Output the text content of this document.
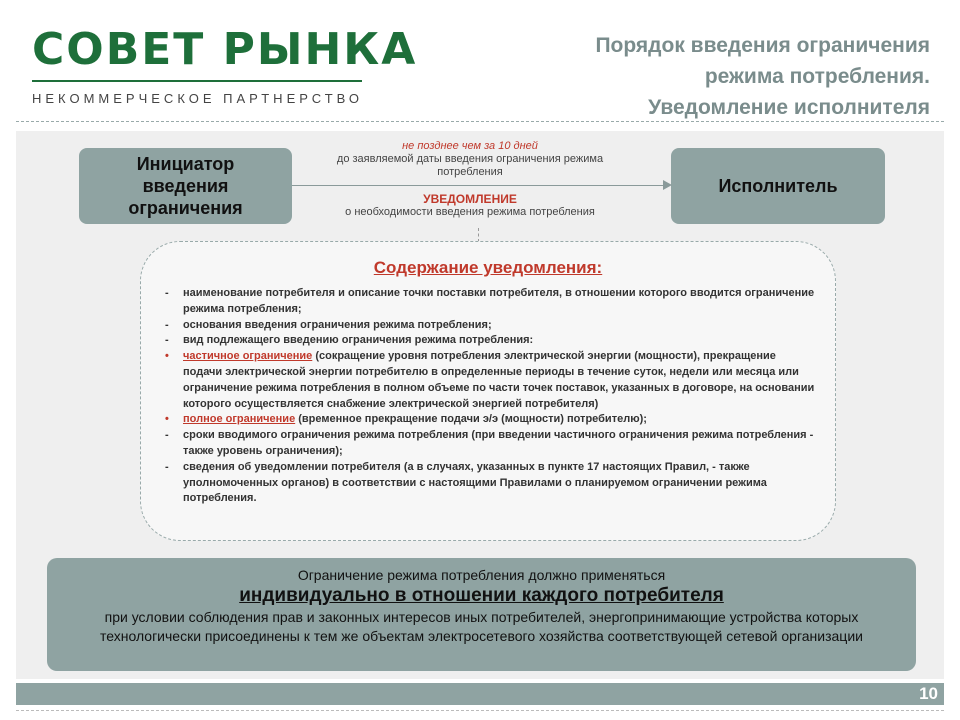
СОВЕТ РЫНКА
НЕКОММЕРЧЕСКОЕ ПАРТНЕРСТВО
Порядок введения ограничения
режима потребления.
Уведомление исполнителя
Инициатор введения ограничения
Исполнитель
не позднее чем за 10 дней
до заявляемой даты введения ограничения режима потребления
УВЕДОМЛЕНИЕ
о необходимости введения режима потребления
Содержание уведомления:
- наименование потребителя и описание точки поставки потребителя, в отношении которого вводится ограничение режима потребления;
- основания введения ограничения режима потребления;
- вид подлежащего введению ограничения режима потребления:
• частичное ограничение (сокращение уровня потребления электрической энергии (мощности), прекращение подачи электрической энергии потребителю в определенные периоды в течение суток, недели или месяца или ограничение режима потребления в полном объеме по части точек поставок, указанных в договоре, на основании которого осуществляется снабжение электрической энергией потребителя)
• полное ограничение (временное прекращение подачи э/э (мощности) потребителю);
- сроки вводимого ограничения режима потребления (при введении частичного ограничения режима потребления - также уровень ограничения);
- сведения об уведомлении потребителя (а в случаях, указанных в пункте 17 настоящих Правил, - также уполномоченных органов) в соответствии с настоящими Правилами о планируемом ограничении режима потребления.
Ограничение режима потребления должно применяться
индивидуально в отношении каждого потребителя
при условии соблюдения прав и законных интересов иных потребителей, энергопринимающие устройства которых технологически присоединены к тем же объектам электросетевого хозяйства соответствующей сетевой организации
10
